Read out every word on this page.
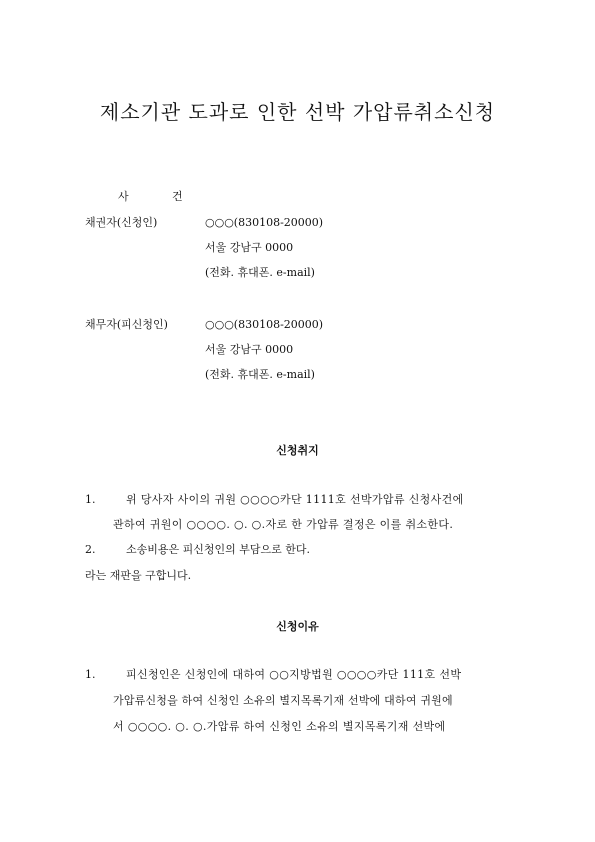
제소기관 도과로 인한 선박 가압류취소신청
사	건
채권자(신청인)	○○○(830108-20000)
서울 강남구 0000
(전화. 휴대폰. e-mail)
채무자(피신청인)	○○○(830108-20000)
서울 강남구 0000
(전화. 휴대폰. e-mail)
신청취지
1.	위 당사자 사이의 귀원 ○○○○카단 1111호 선박가압류 신청사건에
관하여 귀원이 ○○○○. ○. ○.자로 한 가압류 결정은 이를 취소한다.
2.	소송비용은 피신청인의 부담으로 한다.
라는 재판을 구합니다.
신청이유
1.	피신청인은 신청인에 대하여 ○○지방법원 ○○○○카단 111호 선박
가압류신청을 하여 신청인 소유의 별지목록기재 선박에 대하여 귀원에
서 ○○○○. ○. ○.가압류 하여 신청인 소유의 별지목록기재 선박에
